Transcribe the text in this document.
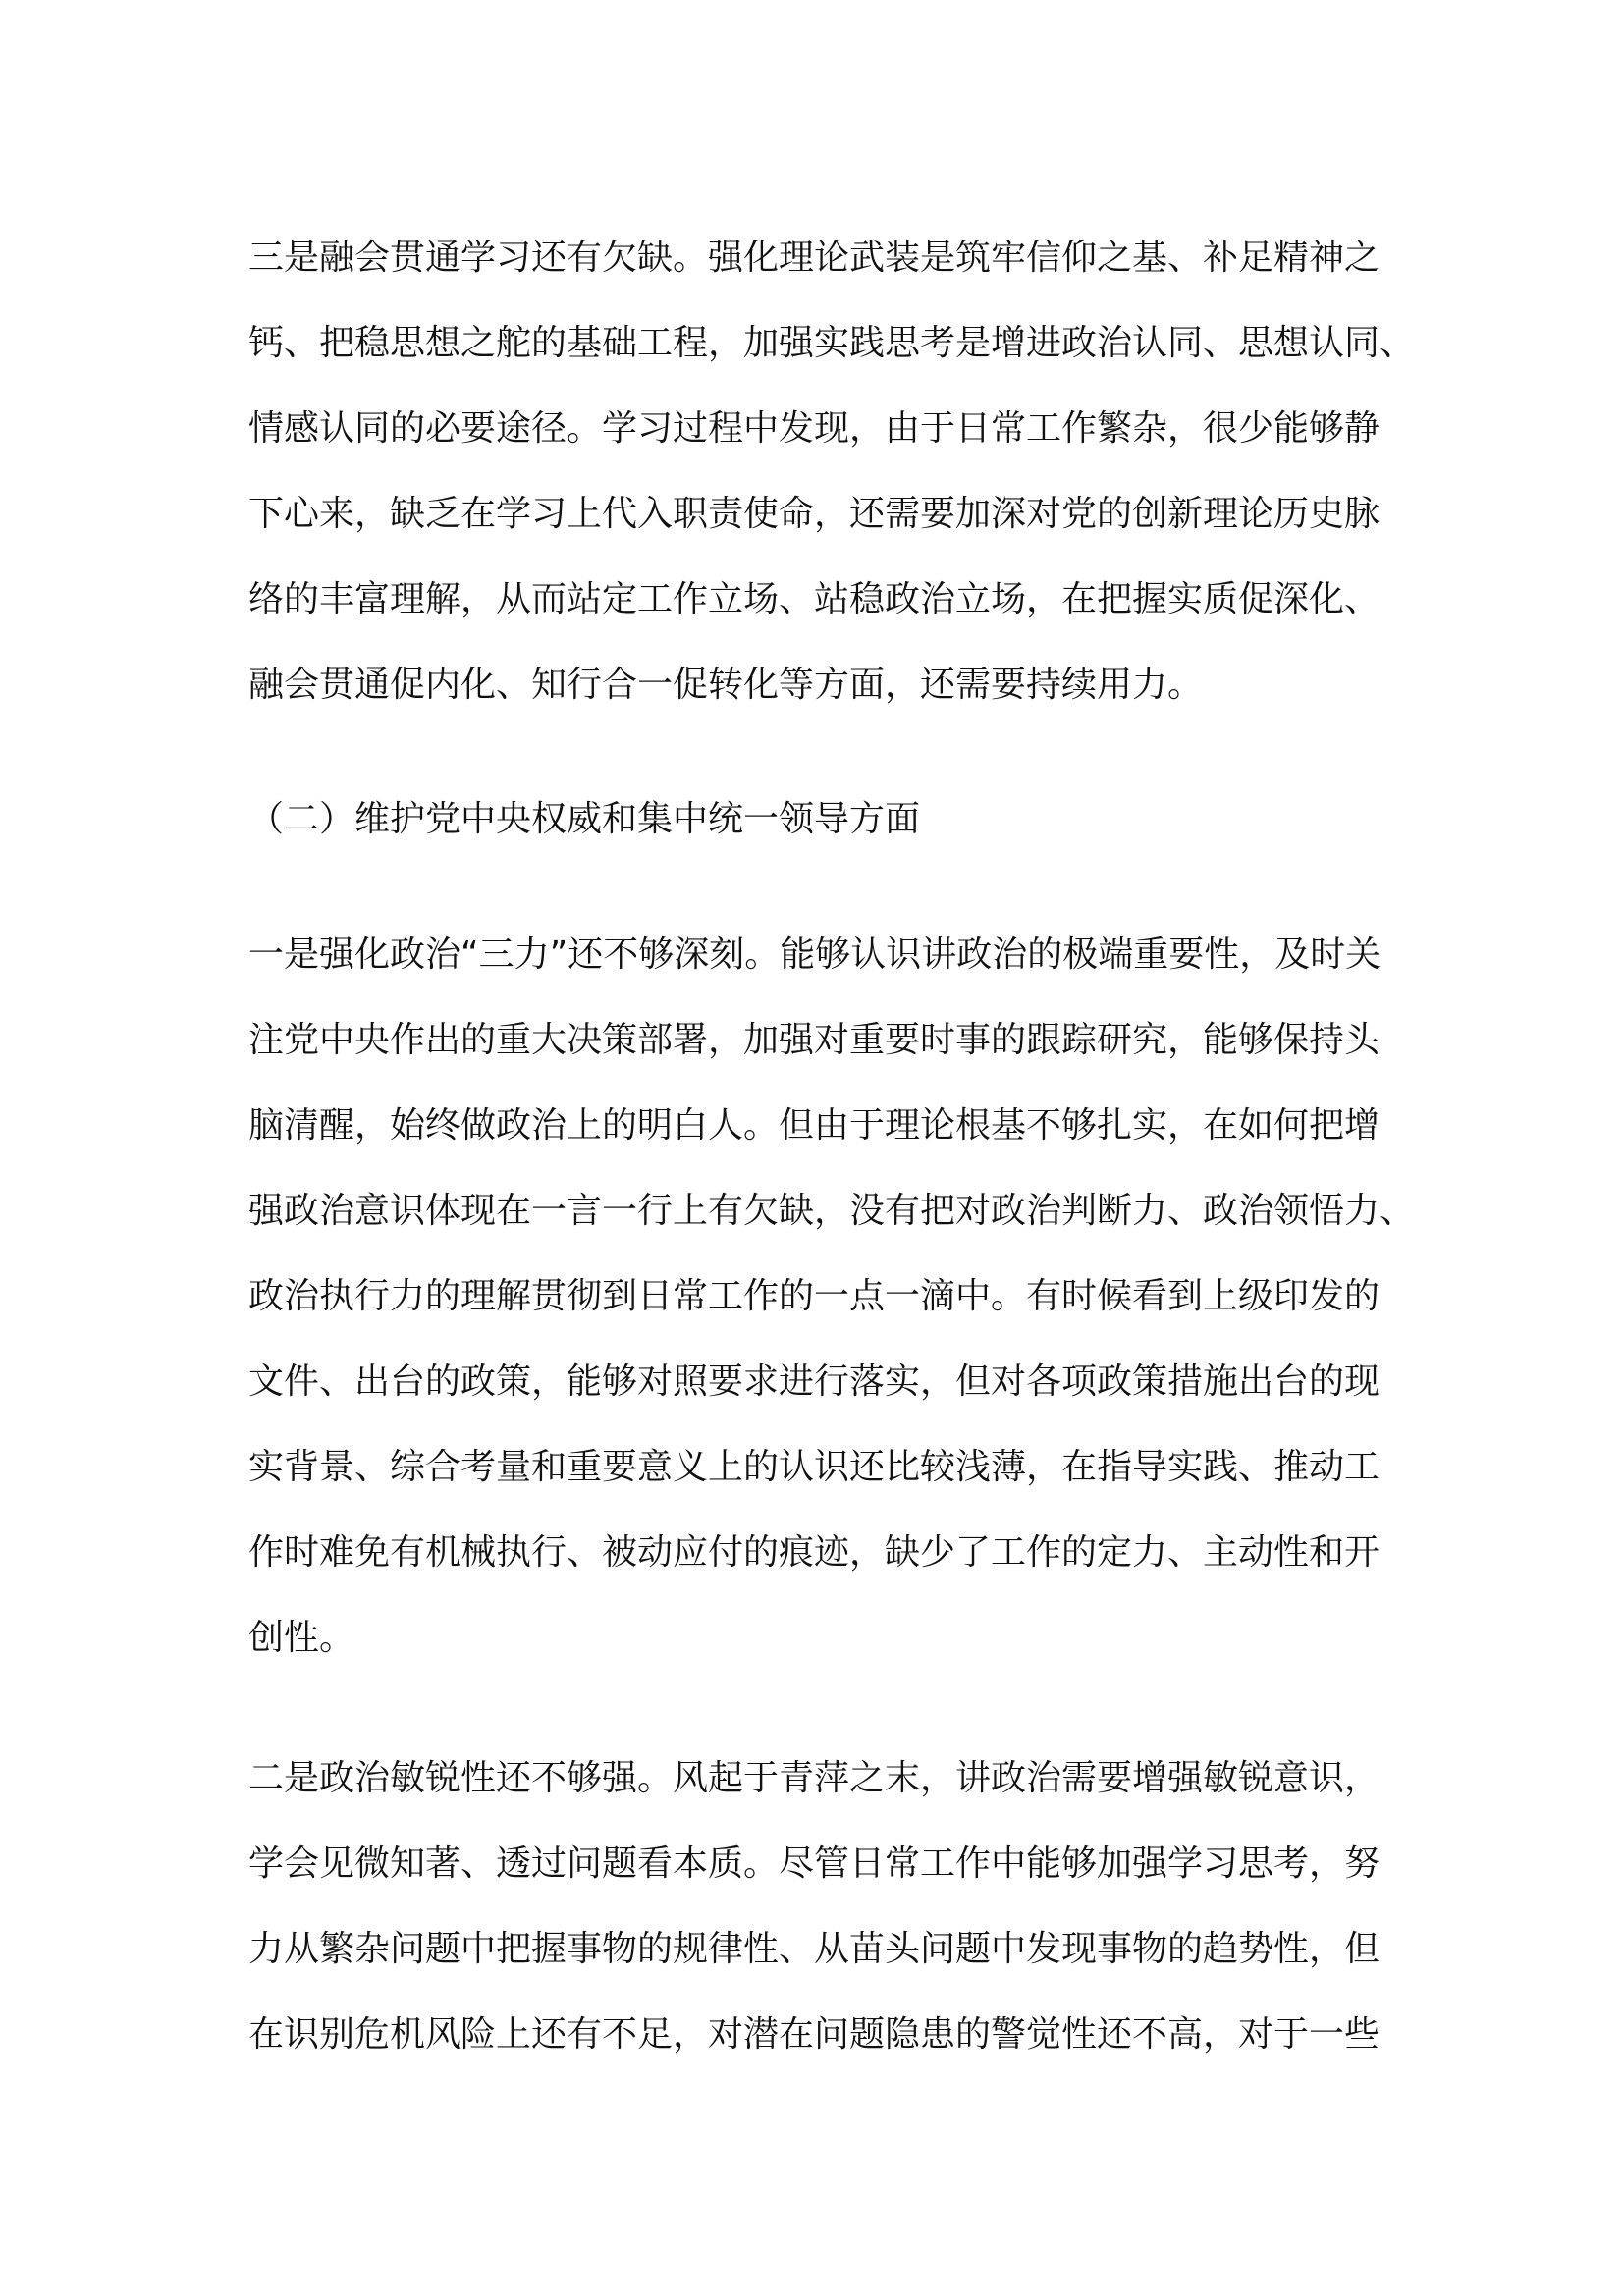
三是融会贯通学习还有欠缺。强化理论武装是筑牢信仰之基、补足精神之
钙、把稳思想之舵的基础工程，加强实践思考是增进政治认同、思想认同、
情感认同的必要途径。学习过程中发现，由于日常工作繁杂，很少能够静
下心来，缺乏在学习上代入职责使命，还需要加深对党的创新理论历史脉
络的丰富理解，从而站定工作立场、站稳政治立场，在把握实质促深化、
融会贯通促内化、知行合一促转化等方面，还需要持续用力。
（二）维护党中央权威和集中统一领导方面
一是强化政治“三力”还不够深刻。能够认识讲政治的极端重要性，及时关
注党中央作出的重大决策部署，加强对重要时事的跟踪研究，能够保持头
脑清醒，始终做政治上的明白人。但由于理论根基不够扎实，在如何把增
强政治意识体现在一言一行上有欠缺，没有把对政治判断力、政治领悟力、
政治执行力的理解贯彻到日常工作的一点一滴中。有时候看到上级印发的
文件、出台的政策，能够对照要求进行落实，但对各项政策措施出台的现
实背景、综合考量和重要意义上的认识还比较浅薄，在指导实践、推动工
作时难免有机械执行、被动应付的痕迹，缺少了工作的定力、主动性和开
创性。
二是政治敏锐性还不够强。风起于青萍之末，讲政治需要增强敏锐意识，
学会见微知著、透过问题看本质。尽管日常工作中能够加强学习思考，努
力从繁杂问题中把握事物的规律性、从苗头问题中发现事物的趋势性，但
在识别危机风险上还有不足，对潜在问题隐患的警觉性还不高，对于一些
